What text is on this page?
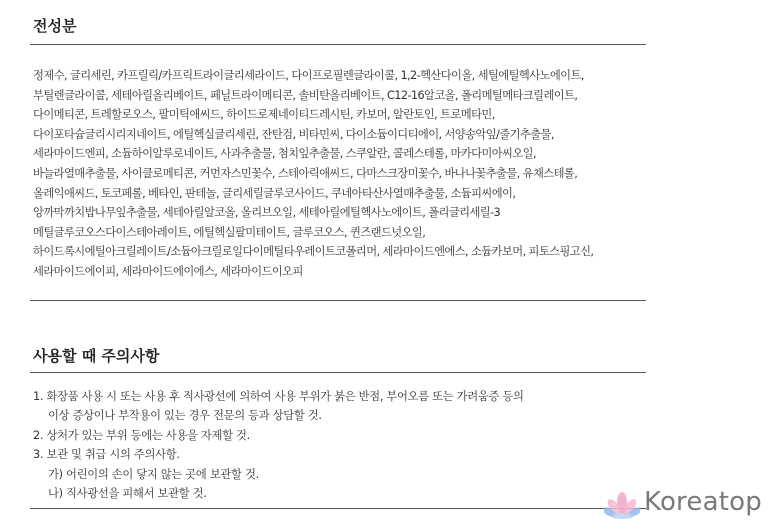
전성분
정제수, 글리세린, 카프릴릭/카프릭트라이글리세라이드, 다이프로필렌글라이콜, 1,2-헥산다이올, 세틸에틸헥사노에이트,
부틸렌글라이콜, 세테아릴올리베이트, 페닐트라이메티콘, 솔비탄올리베이트, C12-16알코올, 폴리메틸메타크릴레이트,
다이메티콘, 트레할로오스, 팔미틱애씨드, 하이드로제네이티드레시틴, 카보머, 알란토인, 트로메타민,
다이포타슘글리시리지네이트, 에틸헥실글리세린, 잔탄검, 비타민씨, 다이소듐이디티에이, 서양송악잎/줄기추출물,
세라마이드엔피, 소듐하이알루로네이트, 사과추출물, 첨치잎추출물, 스쿠알란, 콜레스테롤, 마카다미아씨오일,
바늘라열매추출물, 사이클로메티콘, 커먼자스민꽃수, 스테아릭애씨드, 다마스크장미꽃수, 바나나꽃추출물, 유채스테롤,
올레익애씨드, 토코페롤, 베타인, 판테놀, 글리세릴글루코사이드, 쿠네아타산사열매추출물, 소듐피씨에이,
앙까막까치밥나무잎추출물, 세테아릴알코올, 올리브오일, 세테아릴에틸헥사노에이트, 폴리글리세릴-3
메틸글루코오스다이스테아레이트, 에틸헥실팔미테이트, 글루코오스, 퀸즈랜드넛오일,
하이드록시에틸아크릴레이트/소듐아크릴로일다이메틸타우레이트코폴리머, 세라마이드엔에스, 소듐카보머, 피토스핑고신,
세라마이드에이피, 세라마이드에이에스, 세라마이드이오피
사용할 때 주의사항
1. 화장품 사용 시 또는 사용 후 직사광선에 의하여 사용 부위가 붉은 반점, 부어오름 또는 가려움증 등의
이상 증상이나 부작용이 있는 경우 전문의 등과 상담할 것.
2. 상처가 있는 부위 등에는 사용을 자제할 것.
3. 보관 및 취급 시의 주의사항.
가) 어린이의 손이 닿지 않는 곳에 보관할 것.
나) 직사광선을 피해서 보관할 것.	Koreatop
